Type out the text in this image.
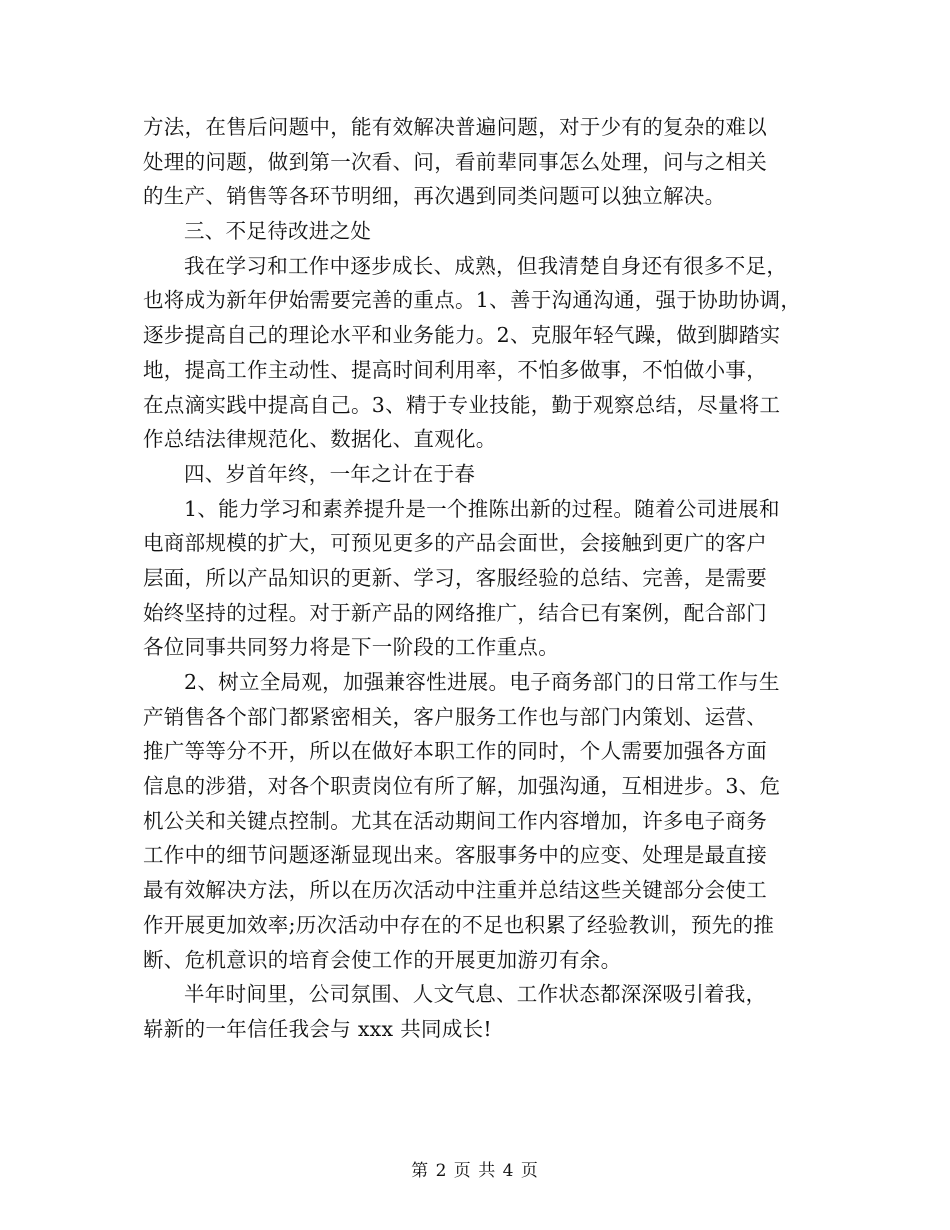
方法，在售后问题中，能有效解决普遍问题，对于少有的复杂的难以
处理的问题，做到第一次看、问，看前辈同事怎么处理，问与之相关
的生产、销售等各环节明细，再次遇到同类问题可以独立解决。
三、不足待改进之处
我在学习和工作中逐步成长、成熟，但我清楚自身还有很多不足，
也将成为新年伊始需要完善的重点。1、善于沟通沟通，强于协助协调，
逐步提高自己的理论水平和业务能力。2、克服年轻气躁，做到脚踏实
地，提高工作主动性、提高时间利用率，不怕多做事，不怕做小事，
在点滴实践中提高自己。3、精于专业技能，勤于观察总结，尽量将工
作总结法律规范化、数据化、直观化。
四、岁首年终，一年之计在于春
1、能力学习和素养提升是一个推陈出新的过程。随着公司进展和
电商部规模的扩大，可预见更多的产品会面世，会接触到更广的客户
层面，所以产品知识的更新、学习，客服经验的总结、完善，是需要
始终坚持的过程。对于新产品的网络推广，结合已有案例，配合部门
各位同事共同努力将是下一阶段的工作重点。
2、树立全局观，加强兼容性进展。电子商务部门的日常工作与生
产销售各个部门都紧密相关，客户服务工作也与部门内策划、运营、
推广等等分不开，所以在做好本职工作的同时，个人需要加强各方面
信息的涉猎，对各个职责岗位有所了解，加强沟通，互相进步。3、危
机公关和关键点控制。尤其在活动期间工作内容增加，许多电子商务
工作中的细节问题逐渐显现出来。客服事务中的应变、处理是最直接
最有效解决方法，所以在历次活动中注重并总结这些关键部分会使工
作开展更加效率;历次活动中存在的不足也积累了经验教训，预先的推
断、危机意识的培育会使工作的开展更加游刃有余。
半年时间里，公司氛围、人文气息、工作状态都深深吸引着我，
崭新的一年信任我会与 xxx 共同成长!
第 2 页 共 4 页
